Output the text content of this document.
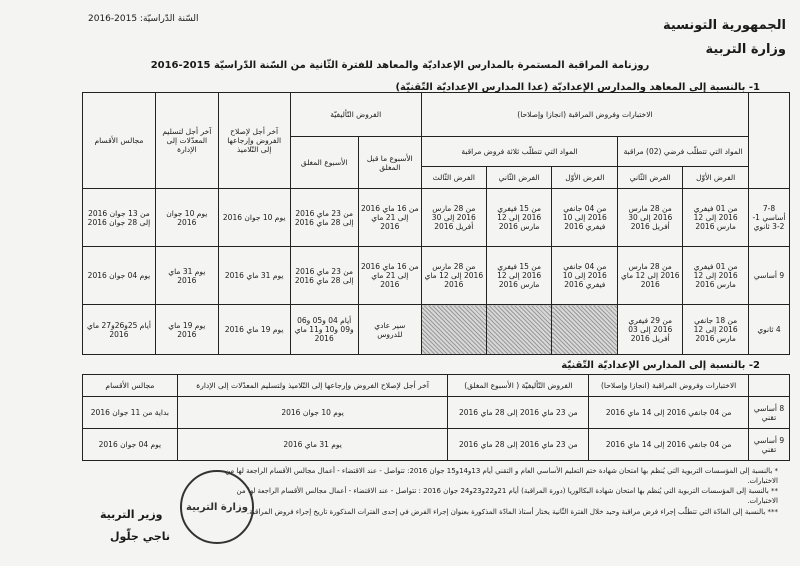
السّنة الدّراسيّة: 2015-2016	الجمهورية التونسية
وزارة التربية
روزنامة المراقبة المستمرة بالمدارس الإعداديّة والمعاهد للفترة الثّانية من السّنة الدّراسيّة 2015-2016
1- بالنسبة إلى المعاهد والمدارس الإعداديّة (عدا المدارس الإعداديّة التّقنيّة)
	الاختبارات وفروض المراقبة (انجازا وإصلاحا)					الفروض التّأليفيّة		آخر أجل لإصلاح الفروض وإرجاعها إلى التّلاميذ	آخر أجل لتسليم المعدّلات إلى الإدارة	مجالس الأقسام
	المواد التي تتطلّب فرضي (02) مراقبة		المواد التي تتطلّب ثلاثة فروض مراقبة			الأسبوع ما قبل المغلق	الأسبوع المغلق			
	الفرض الأوّل	الفرض الثّاني	الفرض الأوّل	الفرض الثّاني	الفرض الثّالث					
7-8 أساسي 1-2-3 ثانوي	من 01 فيفري 2016 إلى 12 مارس 2016	من 28 مارس 2016 إلى 30 أفريل 2016	من 04 جانفي 2016 إلى 10 فيفري 2016	من 15 فيفري 2016 إلى 12 مارس 2016	من 28 مارس 2016 إلى 30 أفريل 2016	من 16 ماي 2016 إلى 21 ماي 2016	من 23 ماي 2016 إلى 28 ماي 2016	يوم 10 جوان 2016	يوم 10 جوان 2016	من 13 جوان 2016 إلى 28 جوان 2016
9 أساسي	من 01 فيفري 2016 إلى 12 مارس 2016	من 28 مارس 2016 إلى 12 ماي 2016	من 04 جانفي 2016 إلى 10 فيفري 2016	من 15 فيفري 2016 إلى 12 مارس 2016	من 28 مارس 2016 إلى 12 ماي 2016	من 16 ماي 2016 إلى 21 ماي 2016	من 23 ماي 2016 إلى 28 ماي 2016	يوم 31 ماي 2016	يوم 31 ماي 2016	يوم 04 جوان 2016
4 ثانوي	من 18 جانفي 2016 إلى 12 مارس 2016	من 29 فيفري 2016 إلى 03 أفريل 2016				سير عادي للدروس	أيام 04 و05 و06 و09 و10 و11 ماي 2016	يوم 19 ماي 2016	يوم 19 ماي 2016	أيام 25و26و27 ماي 2016
2- بالنسبة إلى المدارس الإعداديّة التّقنيّة
	الاختبارات وفروض المراقبة (انجازا وإصلاحا)	الفروض التّأليفيّة ( الأسبوع المغلق)	آخر أجل لإصلاح الفروض وإرجاعها إلى التّلاميذ ولتسليم المعدّلات إلى الإدارة	مجالس الأقسام
8 أساسي تقني	من 04 جانفي 2016 إلى 14 ماي 2016	من 23 ماي 2016 إلى 28 ماي 2016	يوم 10 جوان 2016	بداية من 11 جوان 2016
9 أساسي تقني	من 04 جانفي 2016 إلى 14 ماي 2016	من 23 ماي 2016 إلى 28 ماي 2016	يوم 31 ماي 2016	يوم 04 جوان 2016
* بالنسبة إلى المؤسسات التربوية التي يُنظم بها امتحان شهادة ختم التعليم الأساسي العام و التقني أيام 13و14و15 جوان 2016: تتواصل - عند الاقتضاء - أعمال مجالس الأقسام الراجعة لها من الاختبارات.
** بالنسبة إلى المؤسسات التربوية التي يُنظم بها امتحان شهادة البكالوريا (دورة المراقبة) أيام 21و22و23و24 جوان 2016 : تتواصل - عند الاقتضاء - أعمال مجالس الأقسام الراجعة لها من الاختبارات.
*** بالنسبة إلى المادّة التي تتطلّب إجراء فرض مراقبة وحيد خلال الفترة الثّانية يختار أستاذ المادّة المذكورة بعنوان إجراء الفرض في إحدى الفترات المذكورة تاريخ إجراء فروض المراقبة.
وزارة التربية
وزير التربية
ناجي جلّول
